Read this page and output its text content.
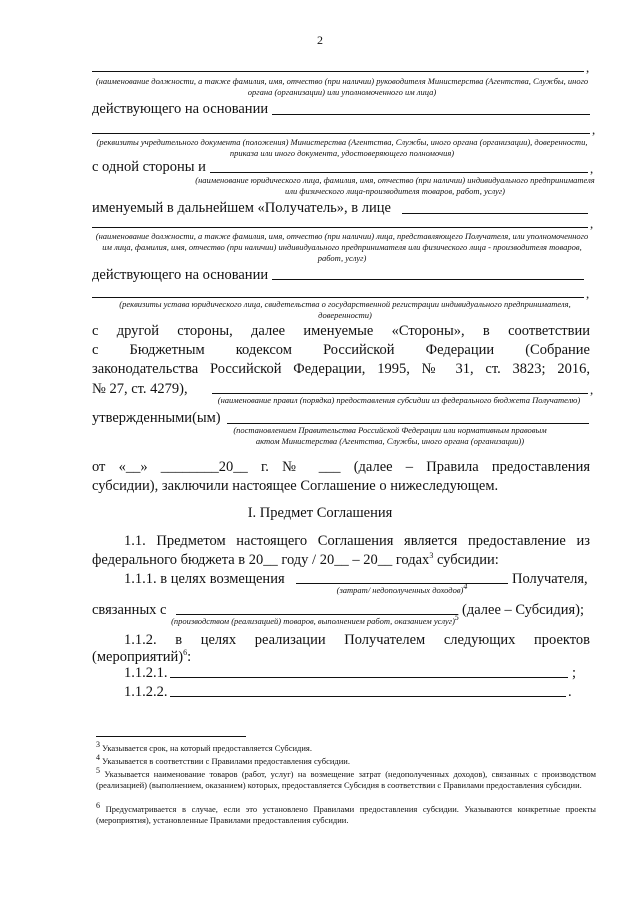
2
,
(наименование должности, а также фамилия, имя, отчество (при наличии) руководителя Министерства (Агентства, Службы, иного органа (организации) или уполномоченного им лица)
действующего на основании
,
(реквизиты учредительного документа (положения) Министерства (Агентства, Службы, иного органа (организации), доверенности, приказа или иного документа, удостоверяющего полномочия)
с одной стороны и	,
(наименование юридического лица, фамилия, имя, отчество (при наличии) индивидуального предпринимателя или физического лица-производителя товаров, работ, услуг)
именуемый в дальнейшем «Получатель», в лице
,
(наименование должности, а также фамилия, имя, отчество (при наличии) лица, представляющего Получателя, или уполномоченного им лица, фамилия, имя, отчество (при наличии) индивидуального предпринимателя или физического лица - производителя товаров, работ, услуг)
действующего на основании
,
(реквизиты устава юридического лица, свидетельства о государственной регистрации индивидуального предпринимателя, доверенности)
с другой стороны, далее именуемые «Стороны», в соответствии
с Бюджетным кодексом Российской Федерации (Собрание
законодательства Российской Федерации, 1995, № 31, ст. 3823; 2016,
№ 27, ст. 4279),	,
(наименование правил (порядка) предоставления субсидии из федерального бюджета Получателю)
утвержденными(ым)
(постановлением Правительства Российской Федерации или нормативным правовым актом Министерства (Агентства, Службы, иного органа (организации))
от «__» ________20__ г. № ___ (далее – Правила предоставления
субсидии), заключили настоящее Соглашение о нижеследующем.
I. Предмет Соглашения
1.1. Предметом настоящего Соглашения является предоставление из
федерального бюджета в 20__ году / 20__ – 20__ годах$^3$ субсидии:
1.1.1. в целях возмещения	Получателя,
(затрат/ недополученных доходов)$^4$
связанных с	(далее – Субсидия);
(производством (реализацией) товаров, выполнением работ, оказанием услуг)$^5$
1.1.2. в целях реализации Получателем следующих проектов
(мероприятий)$^6$:
1.1.2.1.	;
1.1.2.2.	.
$^3$ Указывается срок, на который предоставляется Субсидия.
$^4$ Указывается в соответствии с Правилами предоставления субсидии.
$^5$ Указывается наименование товаров (работ, услуг) на возмещение затрат (недополученных доходов), связанных с производством (реализацией) (выполнением, оказанием) которых, предоставляется Субсидия в соответствии с Правилами предоставления субсидии.
$^6$ Предусматривается в случае, если это установлено Правилами предоставления субсидии. Указываются конкретные проекты (мероприятия), установленные Правилами предоставления субсидии.
